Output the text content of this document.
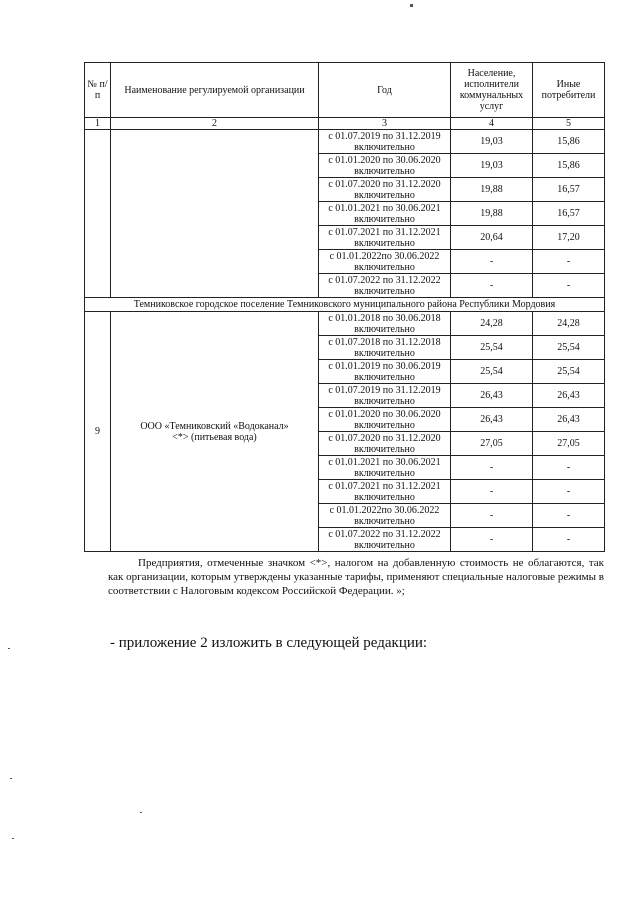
№ п/п	Наименование регулируемой организации	Год	Население, исполнители коммунальных услуг	Иные потребители
1	2	3	4	5
		с 01.07.2019 по 31.12.2019 включительно	19,03	15,86
		с 01.01.2020 по 30.06.2020 включительно	19,03	15,86
		с 01.07.2020 по 31.12.2020 включительно	19,88	16,57
		с 01.01.2021 по 30.06.2021 включительно	19,88	16,57
		с 01.07.2021 по 31.12.2021 включительно	20,64	17,20
		с 01.01.2022по 30.06.2022 включительно	-	-
		с 01.07.2022 по 31.12.2022 включительно	-	-
Темниковское городское поселение Темниковского муниципального района Республики Мордовия				
9	ООО «Темниковский «Водоканал» <*> (питьевая вода)	с 01.01.2018 по 30.06.2018 включительно	24,28	24,28
		с 01.07.2018 по 31.12.2018 включительно	25,54	25,54
		с 01.01.2019 по 30.06.2019 включительно	25,54	25,54
		с 01.07.2019 по 31.12.2019 включительно	26,43	26,43
		с 01.01.2020 по 30.06.2020 включительно	26,43	26,43
		с 01.07.2020 по 31.12.2020 включительно	27,05	27,05
		с 01.01.2021 по 30.06.2021 включительно	-	-
		с 01.07.2021 по 31.12.2021 включительно	-	-
		с 01.01.2022по 30.06.2022 включительно	-	-
		с 01.07.2022 по 31.12.2022 включительно	-	-
Предприятия, отмеченные значком <*>, налогом на добавленную стоимость не облагаются, так как организации, которым утверждены указанные тарифы, применяют специальные налоговые режимы в соответствии с Налоговым кодексом Российской Федерации. »;
- приложение 2 изложить в следующей редакции:
